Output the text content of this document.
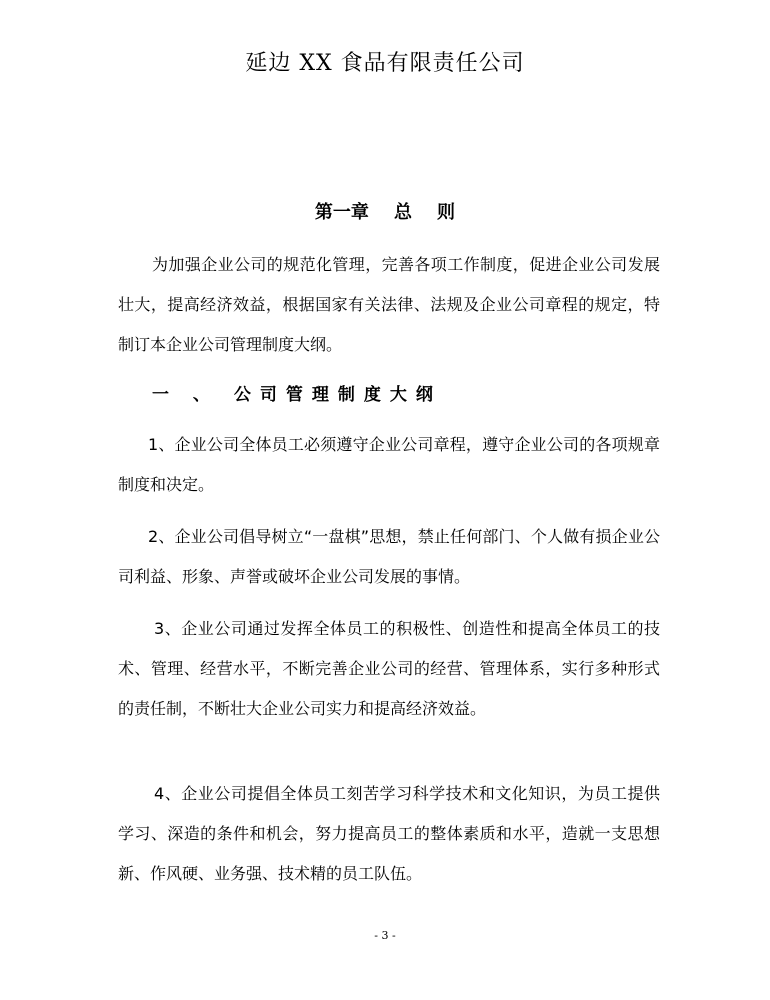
延边 XX 食品有限责任公司
第一章    总    则

为加强企业公司的规范化管理，完善各项工作制度，促进企业公司发展壮大，提高经济效益，根据国家有关法律、法规及企业公司章程的规定，特制订本企业公司管理制度大纲。

一 、 公司管理制度大纲

1、企业公司全体员工必须遵守企业公司章程，遵守企业公司的各项规章制度和决定。

2、企业公司倡导树立“一盘棋”思想，禁止任何部门、个人做有损企业公司利益、形象、声誉或破坏企业公司发展的事情。

3、企业公司通过发挥全体员工的积极性、创造性和提高全体员工的技术、管理、经营水平，不断完善企业公司的经营、管理体系，实行多种形式的责任制，不断壮大企业公司实力和提高经济效益。

4、企业公司提倡全体员工刻苦学习科学技术和文化知识，为员工提供学习、深造的条件和机会，努力提高员工的整体素质和水平，造就一支思想新、作风硬、业务强、技术精的员工队伍。

- 3 -
